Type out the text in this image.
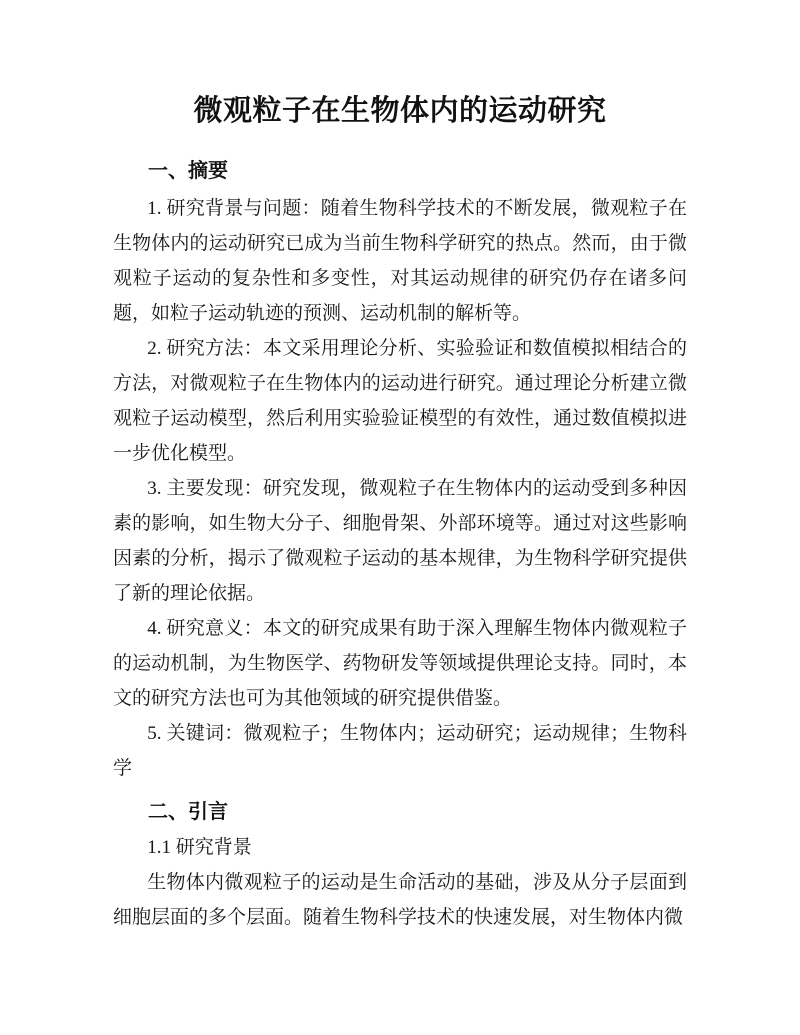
微观粒子在生物体内的运动研究
一、摘要

1. 研究背景与问题：随着生物科学技术的不断发展，微观粒子在生物体内的运动研究已成为当前生物科学研究的热点。然而，由于微观粒子运动的复杂性和多变性，对其运动规律的研究仍存在诸多问题，如粒子运动轨迹的预测、运动机制的解析等。

2. 研究方法：本文采用理论分析、实验验证和数值模拟相结合的方法，对微观粒子在生物体内的运动进行研究。通过理论分析建立微观粒子运动模型，然后利用实验验证模型的有效性，通过数值模拟进一步优化模型。

3. 主要发现：研究发现，微观粒子在生物体内的运动受到多种因素的影响，如生物大分子、细胞骨架、外部环境等。通过对这些影响因素的分析，揭示了微观粒子运动的基本规律，为生物科学研究提供了新的理论依据。

4. 研究意义：本文的研究成果有助于深入理解生物体内微观粒子的运动机制，为生物医学、药物研发等领域提供理论支持。同时，本文的研究方法也可为其他领域的研究提供借鉴。

5. 关键词：微观粒子；生物体内；运动研究；运动规律；生物科学

二、引言

1.1 研究背景

生物体内微观粒子的运动是生命活动的基础，涉及从分子层面到细胞层面的多个层面。随着生物科学技术的快速发展，对生物体内微
